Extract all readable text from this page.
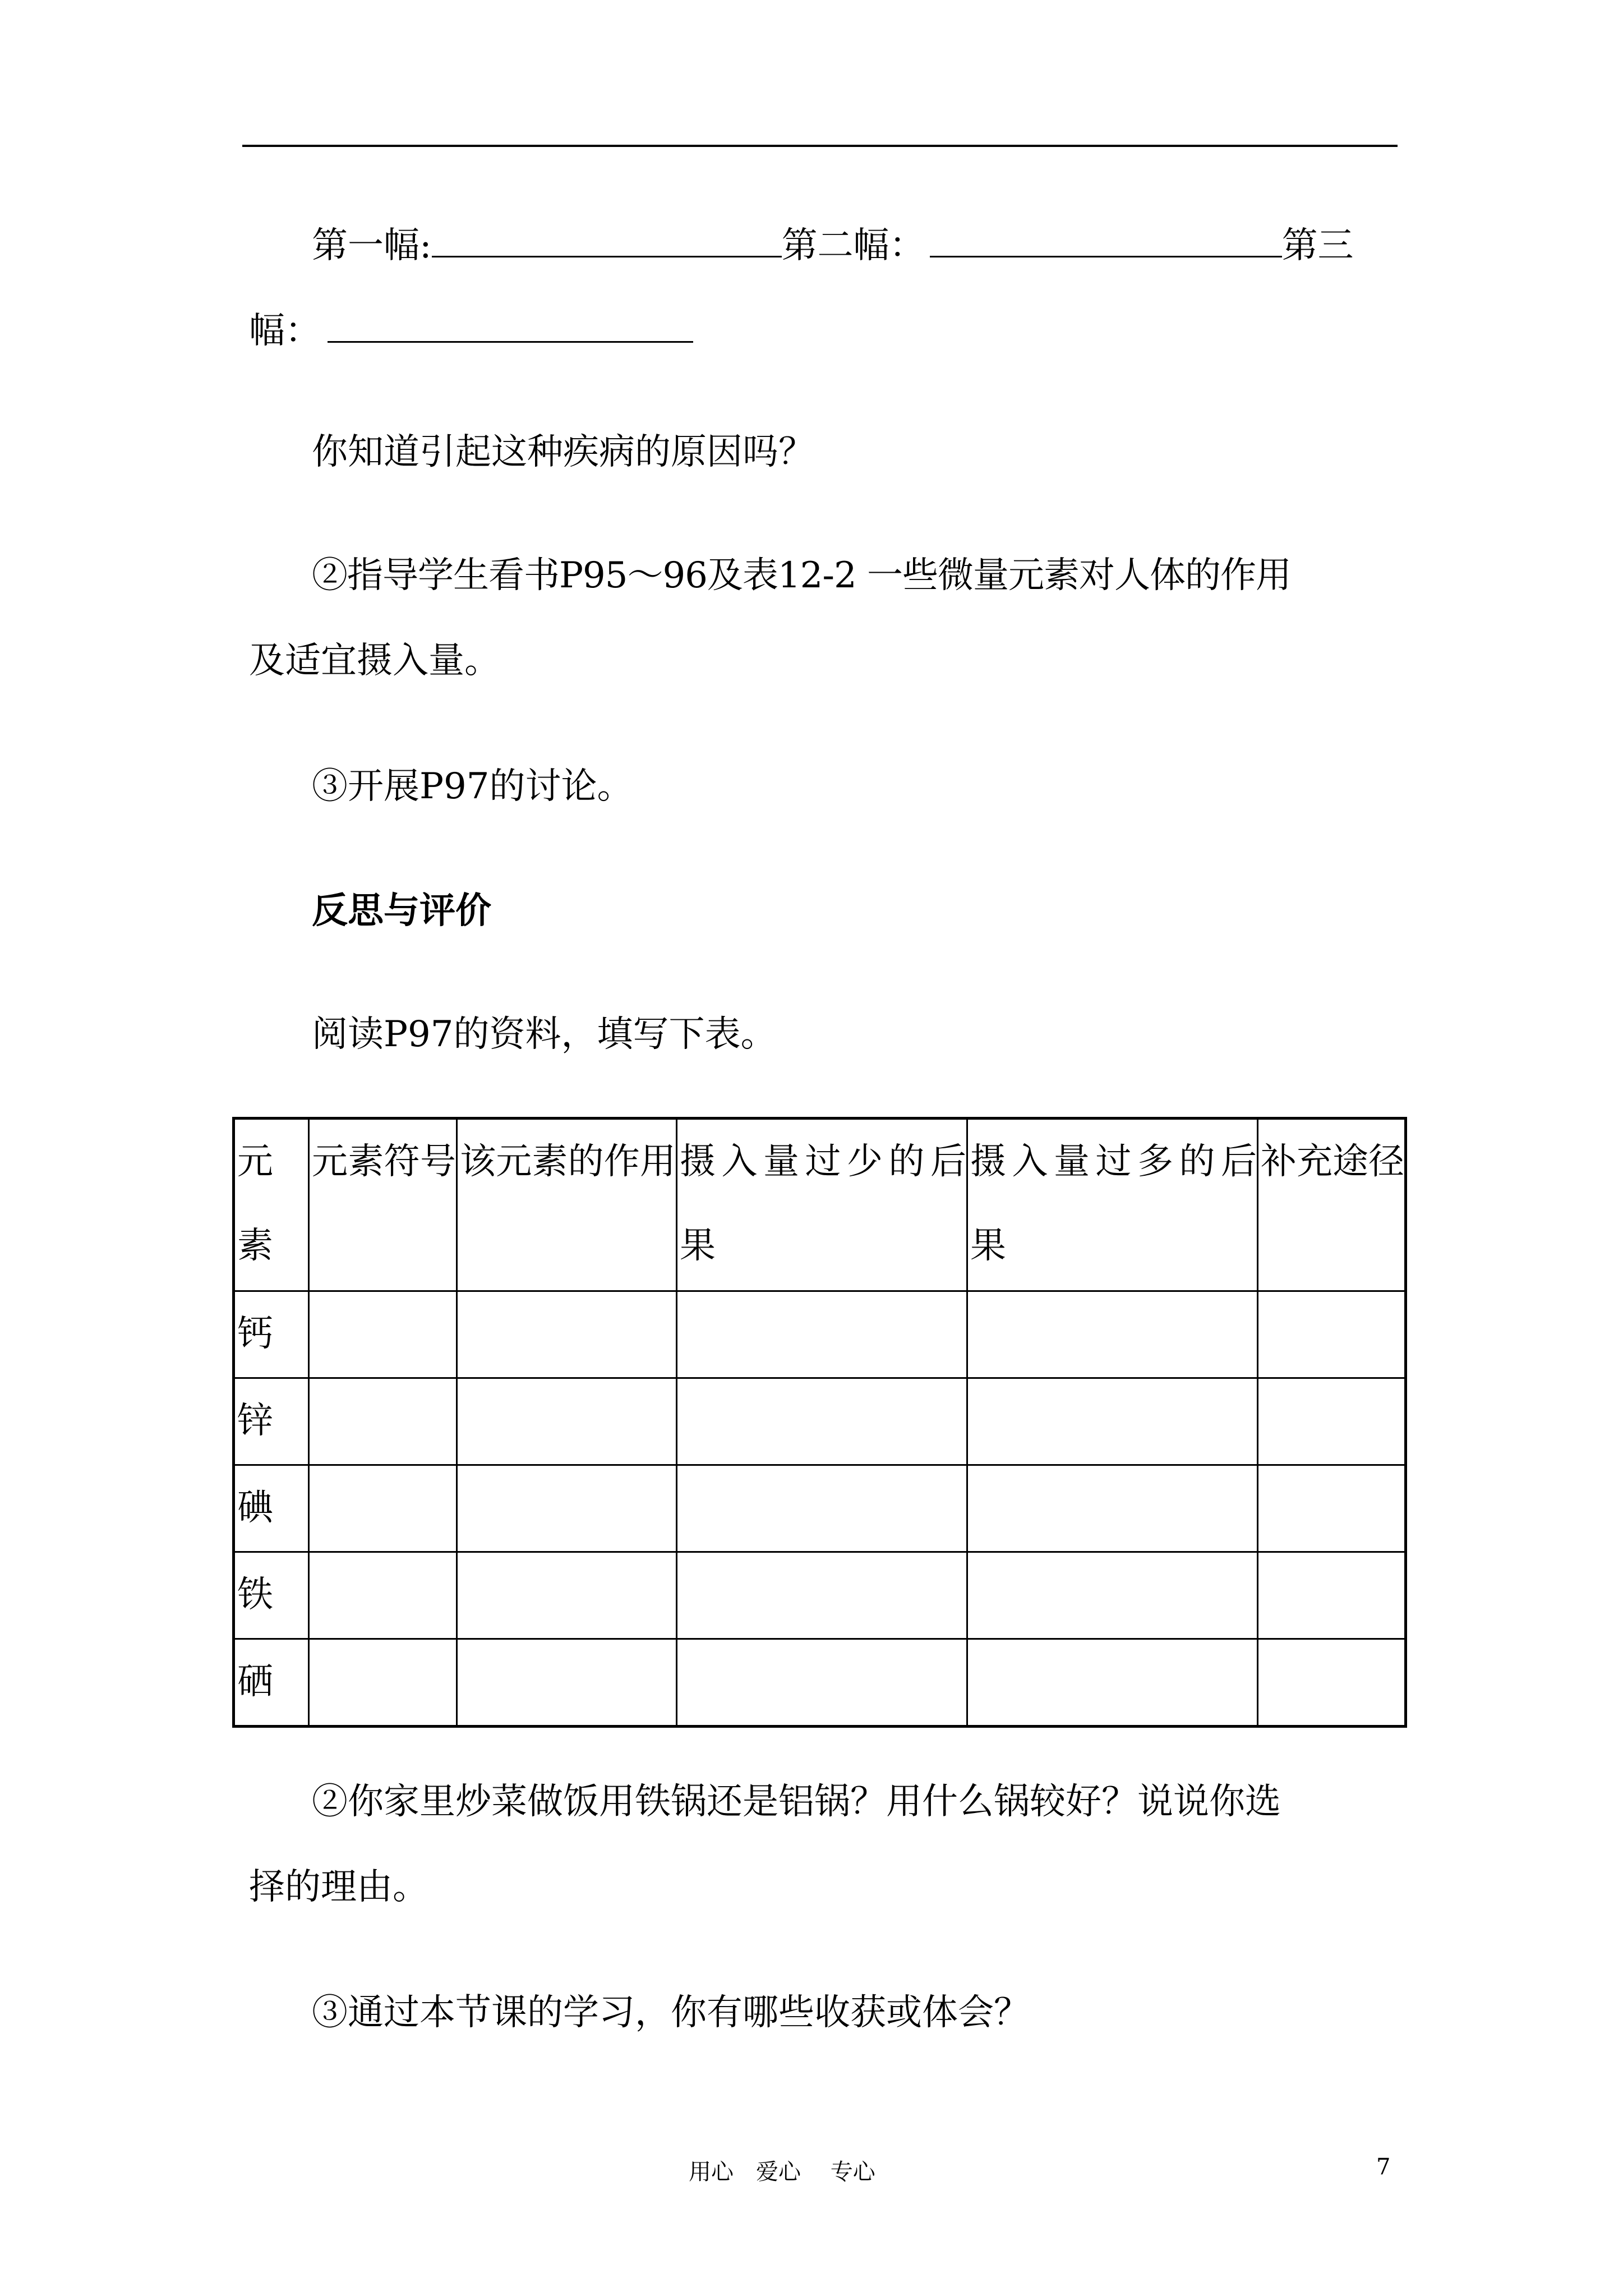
第一幅:	第二幅：	第三
幅：
你知道引起这种疾病的原因吗？
②指导学生看书P95～96及表12-2 一些微量元素对人体的作用
及适宜摄入量。
③开展P97的讨论。
反思与评价
阅读P97的资料，填写下表。
元素	元素符号	该元素的作用	摄入量过少的后果	摄入量过多的后果	补充途径
钙					
锌					
碘					
铁					
硒					
②你家里炒菜做饭用铁锅还是铝锅？用什么锅较好？说说你选
择的理由。
③通过本节课的学习，你有哪些收获或体会？
用心　爱心　 专心	7
